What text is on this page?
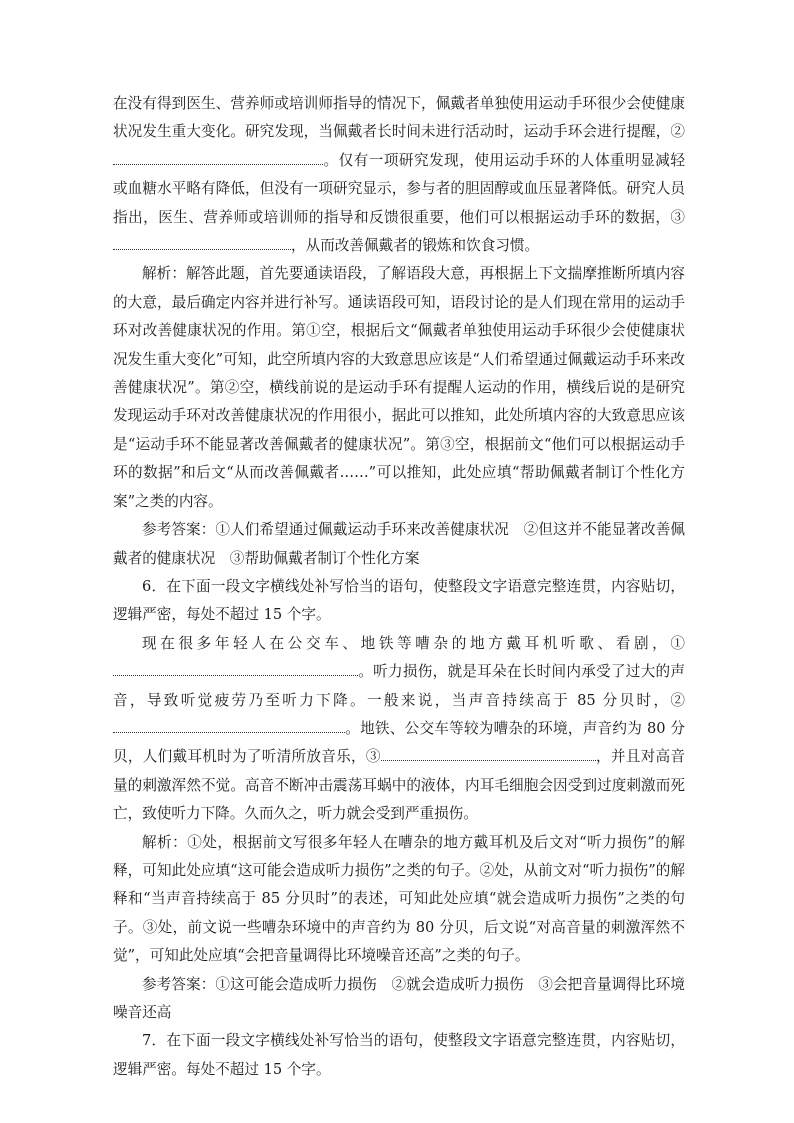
在没有得到医生、营养师或培训师指导的情况下，佩戴者单独使用运动手环很少会使健康状况发生重大变化。研究发现，当佩戴者长时间未进行活动时，运动手环会进行提醒，②。仅有一项研究发现，使用运动手环的人体重明显减轻或血糖水平略有降低，但没有一项研究显示，参与者的胆固醇或血压显著降低。研究人员指出，医生、营养师或培训师的指导和反馈很重要，他们可以根据运动手环的数据，③，从而改善佩戴者的锻炼和饮食习惯。

解析：解答此题，首先要通读语段，了解语段大意，再根据上下文揣摩推断所填内容的大意，最后确定内容并进行补写。通读语段可知，语段讨论的是人们现在常用的运动手环对改善健康状况的作用。第①空，根据后文“佩戴者单独使用运动手环很少会使健康状况发生重大变化”可知，此空所填内容的大致意思应该是“人们希望通过佩戴运动手环来改善健康状况”。第②空，横线前说的是运动手环有提醒人运动的作用，横线后说的是研究发现运动手环对改善健康状况的作用很小，据此可以推知，此处所填内容的大致意思应该是“运动手环不能显著改善佩戴者的健康状况”。第③空，根据前文“他们可以根据运动手环的数据”和后文“从而改善佩戴者……”可以推知，此处应填“帮助佩戴者制订个性化方案”之类的内容。

参考答案：①人们希望通过佩戴运动手环来改善健康状况　②但这并不能显著改善佩戴者的健康状况　③帮助佩戴者制订个性化方案

6．在下面一段文字横线处补写恰当的语句，使整段文字语意完整连贯，内容贴切，逻辑严密，每处不超过 15 个字。

现在很多年轻人在公交车、地铁等嘈杂的地方戴耳机听歌、看剧，①。听力损伤，就是耳朵在长时间内承受了过大的声音，导致听觉疲劳乃至听力下降。一般来说，当声音持续高于 85 分贝时，②。地铁、公交车等较为嘈杂的环境，声音约为 80 分贝，人们戴耳机时为了听清所放音乐，③	，并且对高音量的刺激浑然不觉。高音不断冲击震荡耳蜗中的液体，内耳毛细胞会因受到过度刺激而死亡，致使听力下降。久而久之，听力就会受到严重损伤。

解析：①处，根据前文写很多年轻人在嘈杂的地方戴耳机及后文对“听力损伤”的解释，可知此处应填“这可能会造成听力损伤”之类的句子。②处，从前文对“听力损伤”的解释和“当声音持续高于 85 分贝时”的表述，可知此处应填“就会造成听力损伤”之类的句子。③处，前文说一些嘈杂环境中的声音约为 80 分贝，后文说“对高音量的刺激浑然不觉”，可知此处应填“会把音量调得比环境噪音还高”之类的句子。

参考答案：①这可能会造成听力损伤　②就会造成听力损伤　③会把音量调得比环境噪音还高

7．在下面一段文字横线处补写恰当的语句，使整段文字语意完整连贯，内容贴切，逻辑严密。每处不超过 15 个字。
